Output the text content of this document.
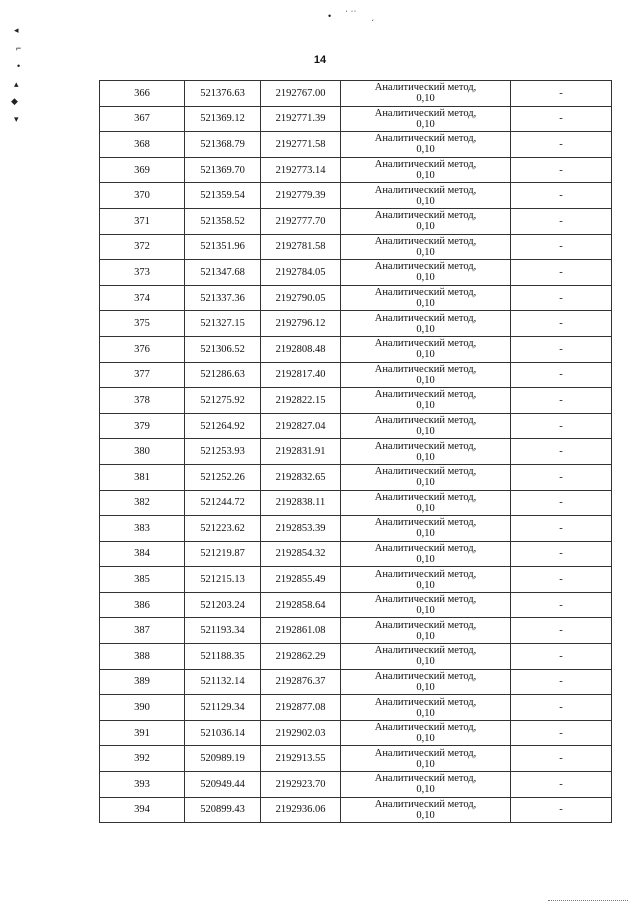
• ˈ ˈˈ ˏ
◂
⌐
•
▴
◆
▾
14
366	521376.63	2192767.00	Аналитический метод,
0,10	-
367	521369.12	2192771.39	Аналитический метод,
0,10	-
368	521368.79	2192771.58	Аналитический метод,
0,10	-
369	521369.70	2192773.14	Аналитический метод,
0,10	-
370	521359.54	2192779.39	Аналитический метод,
0,10	-
371	521358.52	2192777.70	Аналитический метод,
0,10	-
372	521351.96	2192781.58	Аналитический метод,
0,10	-
373	521347.68	2192784.05	Аналитический метод,
0,10	-
374	521337.36	2192790.05	Аналитический метод,
0,10	-
375	521327.15	2192796.12	Аналитический метод,
0,10	-
376	521306.52	2192808.48	Аналитический метод,
0,10	-
377	521286.63	2192817.40	Аналитический метод,
0,10	-
378	521275.92	2192822.15	Аналитический метод,
0,10	-
379	521264.92	2192827.04	Аналитический метод,
0,10	-
380	521253.93	2192831.91	Аналитический метод,
0,10	-
381	521252.26	2192832.65	Аналитический метод,
0,10	-
382	521244.72	2192838.11	Аналитический метод,
0,10	-
383	521223.62	2192853.39	Аналитический метод,
0,10	-
384	521219.87	2192854.32	Аналитический метод,
0,10	-
385	521215.13	2192855.49	Аналитический метод,
0,10	-
386	521203.24	2192858.64	Аналитический метод,
0,10	-
387	521193.34	2192861.08	Аналитический метод,
0,10	-
388	521188.35	2192862.29	Аналитический метод,
0,10	-
389	521132.14	2192876.37	Аналитический метод,
0,10	-
390	521129.34	2192877.08	Аналитический метод,
0,10	-
391	521036.14	2192902.03	Аналитический метод,
0,10	-
392	520989.19	2192913.55	Аналитический метод,
0,10	-
393	520949.44	2192923.70	Аналитический метод,
0,10	-
394	520899.43	2192936.06	Аналитический метод,
0,10	-
